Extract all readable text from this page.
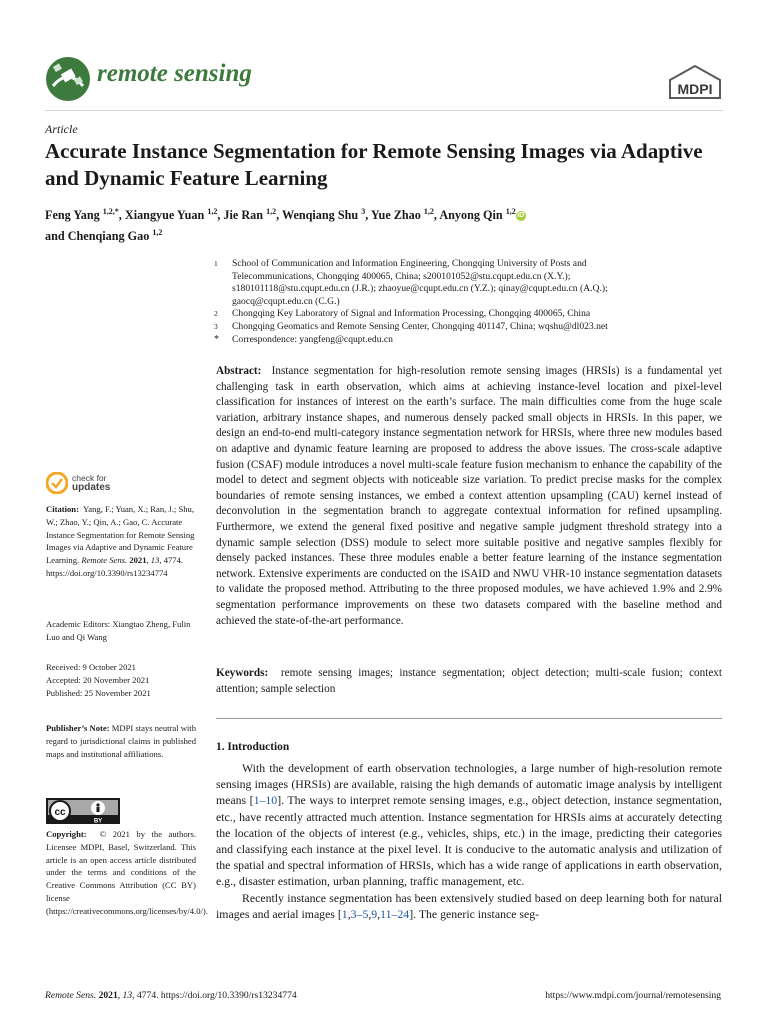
remote sensing
MDPI
Article
Accurate Instance Segmentation for Remote Sensing Images via Adaptive and Dynamic Feature Learning
Feng Yang $^{1,2,*}$, Xiangyue Yuan $^{1,2}$, Jie Ran $^{1,2}$, Wenqiang Shu $^3$, Yue Zhao $^{1,2}$, Anyong Qin $^{1,2}$ iD
and Chenqiang Gao $^{1,2}$
1	School of Communication and Information Engineering, Chongqing University of Posts and
Telecommunications, Chongqing 400065, China; s200101052@stu.cqupt.edu.cn (X.Y.);
s180101118@stu.cqupt.edu.cn (J.R.); zhaoyue@cqupt.edu.cn (Y.Z.); qinay@cqupt.edu.cn (A.Q.);
gaocq@cqupt.edu.cn (C.G.)
2	Chongqing Key Laboratory of Signal and Information Processing, Chongqing 400065, China
3	Chongqing Geomatics and Remote Sensing Center, Chongqing 401147, China; wqshu@dl023.net
*	Correspondence: yangfeng@cqupt.edu.cn

Abstract: Instance segmentation for high-resolution remote sensing images (HRSIs) is a fundamental yet challenging task in earth observation, which aims at achieving instance-level location and pixel-level classification for instances of interest on the earth’s surface. The main difficulties come from the huge scale variation, arbitrary instance shapes, and numerous densely packed small objects in HRSIs. In this paper, we design an end-to-end multi-category instance segmentation network for HRSIs, where three new modules based on adaptive and dynamic feature learning are proposed to address the above issues. The cross-scale adaptive fusion (CSAF) module introduces a novel multi-scale feature fusion mechanism to enhance the capability of the model to detect and segment objects with noticeable size variation. To predict precise masks for the complex boundaries of remote sensing instances, we embed a context attention upsampling (CAU) kernel instead of deconvolution in the segmentation branch to aggregate contextual information for refined upsampling. Furthermore, we extend the general fixed positive and negative sample judgment threshold strategy into a dynamic sample selection (DSS) module to select more suitable positive and negative samples flexibly for densely packed instances. These three modules enable a better feature learning of the instance segmentation network. Extensive experiments are conducted on the iSAID and NWU VHR-10 instance segmentation datasets to validate the proposed method. Attributing to the three proposed modules, we have achieved 1.9% and 2.9% segmentation performance improvements on these two datasets compared with the baseline method and achieved the state-of-the-art performance.

Keywords: remote sensing images; instance segmentation; object detection; multi-scale fusion; context attention; sample selection

1. Introduction

With the development of earth observation technologies, a large number of high-resolution remote sensing images (HRSIs) are available, raising the high demands of automatic image analysis by intelligent means [1–10]. The ways to interpret remote sensing images, e.g., object detection, instance segmentation, etc., have recently attracted much attention. Instance segmentation for HRSIs aims at accurately detecting the location of the objects of interest (e.g., vehicles, ships, etc.) in the image, predicting their categories and classifying each instance at the pixel level. It is conducive to the automatic analysis and utilization of the spatial and spectral information of HRSIs, which has a wide range of applications in earth observation, e.g., disaster estimation, urban planning, traffic management, etc.

Recently instance segmentation has been extensively studied based on deep learning both for natural images and aerial images [1,3–5,9,11–24]. The generic instance seg-

check for
updates
Citation: Yang, F.; Yuan, X.; Ran, J.; Shu, W.; Zhao, Y.; Qin, A.; Gao, C. Accurate Instance Segmentation for Remote Sensing Images via Adaptive and Dynamic Feature Learning. Remote Sens. 2021, 13, 4774. https://doi.org/10.3390/rs13234774
Academic Editors: Xiangtao Zheng, Fulin Luo and Qi Wang
Received: 9 October 2021
Accepted: 20 November 2021
Published: 25 November 2021
Publisher’s Note: MDPI stays neutral with regard to jurisdictional claims in published maps and institutional affiliations.
cc
BY
Copyright: © 2021 by the authors. Licensee MDPI, Basel, Switzerland. This article is an open access article distributed under the terms and conditions of the Creative Commons Attribution (CC BY) license (https://creativecommons.org/licenses/by/4.0/).
Remote Sens. 2021, 13, 4774. https://doi.org/10.3390/rs13234774	https://www.mdpi.com/journal/remotesensing
